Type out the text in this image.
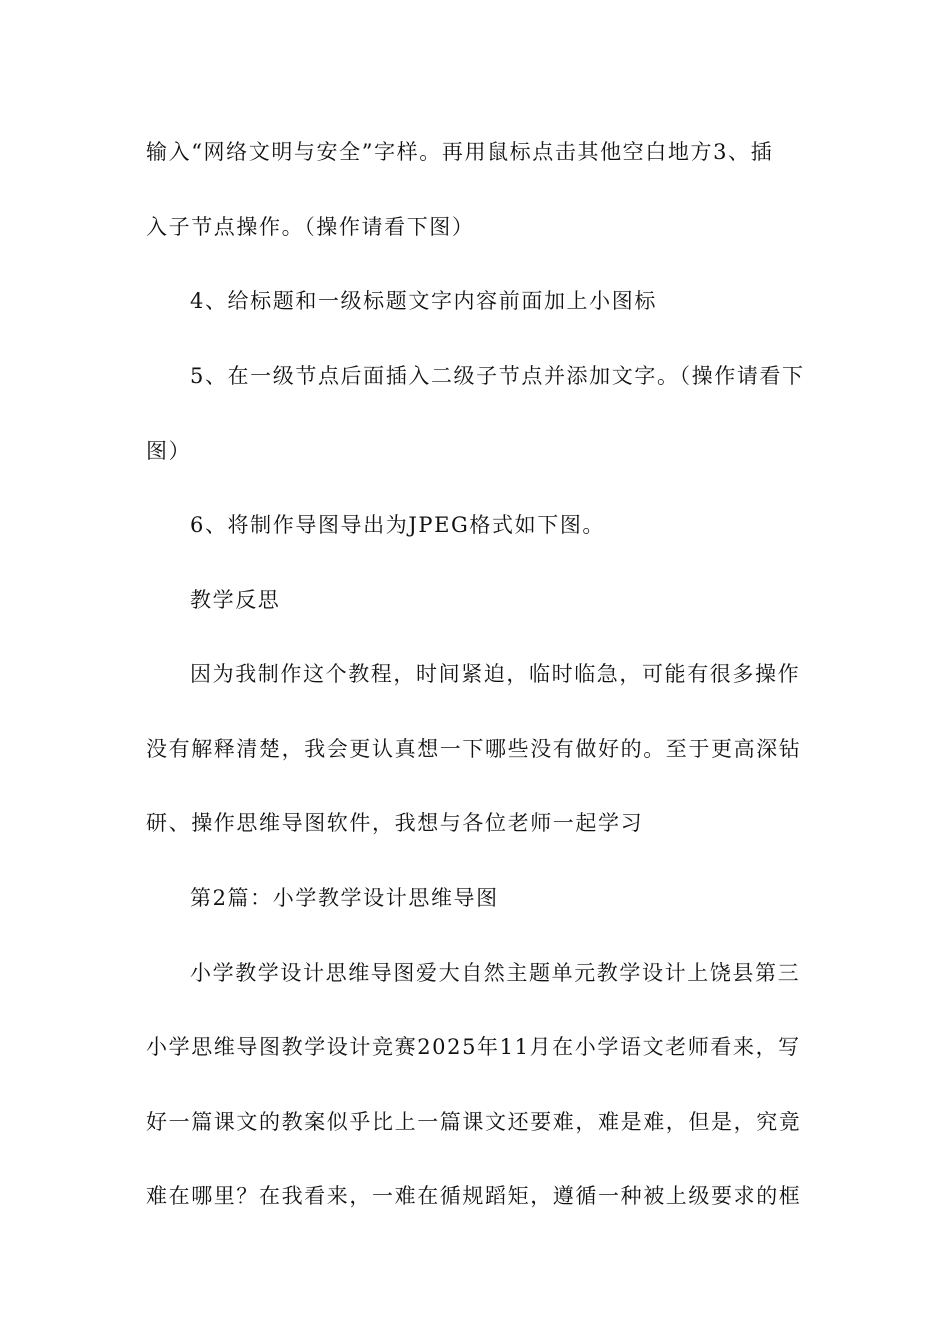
输入“网络文明与安全”字样。再用鼠标点击其他空白地方3、插
入子节点操作。（操作请看下图）
4、给标题和一级标题文字内容前面加上小图标
5、在一级节点后面插入二级子节点并添加文字。（操作请看下
图）
6、将制作导图导出为JPEG格式如下图。
教学反思
因为我制作这个教程，时间紧迫，临时临急，可能有很多操作
没有解释清楚，我会更认真想一下哪些没有做好的。至于更高深钻
研、操作思维导图软件，我想与各位老师一起学习
第2篇：小学教学设计思维导图
小学教学设计思维导图爱大自然主题单元教学设计上饶县第三
小学思维导图教学设计竞赛2025年11月在小学语文老师看来，写
好一篇课文的教案似乎比上一篇课文还要难，难是难，但是，究竟
难在哪里？在我看来，一难在循规蹈矩，遵循一种被上级要求的框
